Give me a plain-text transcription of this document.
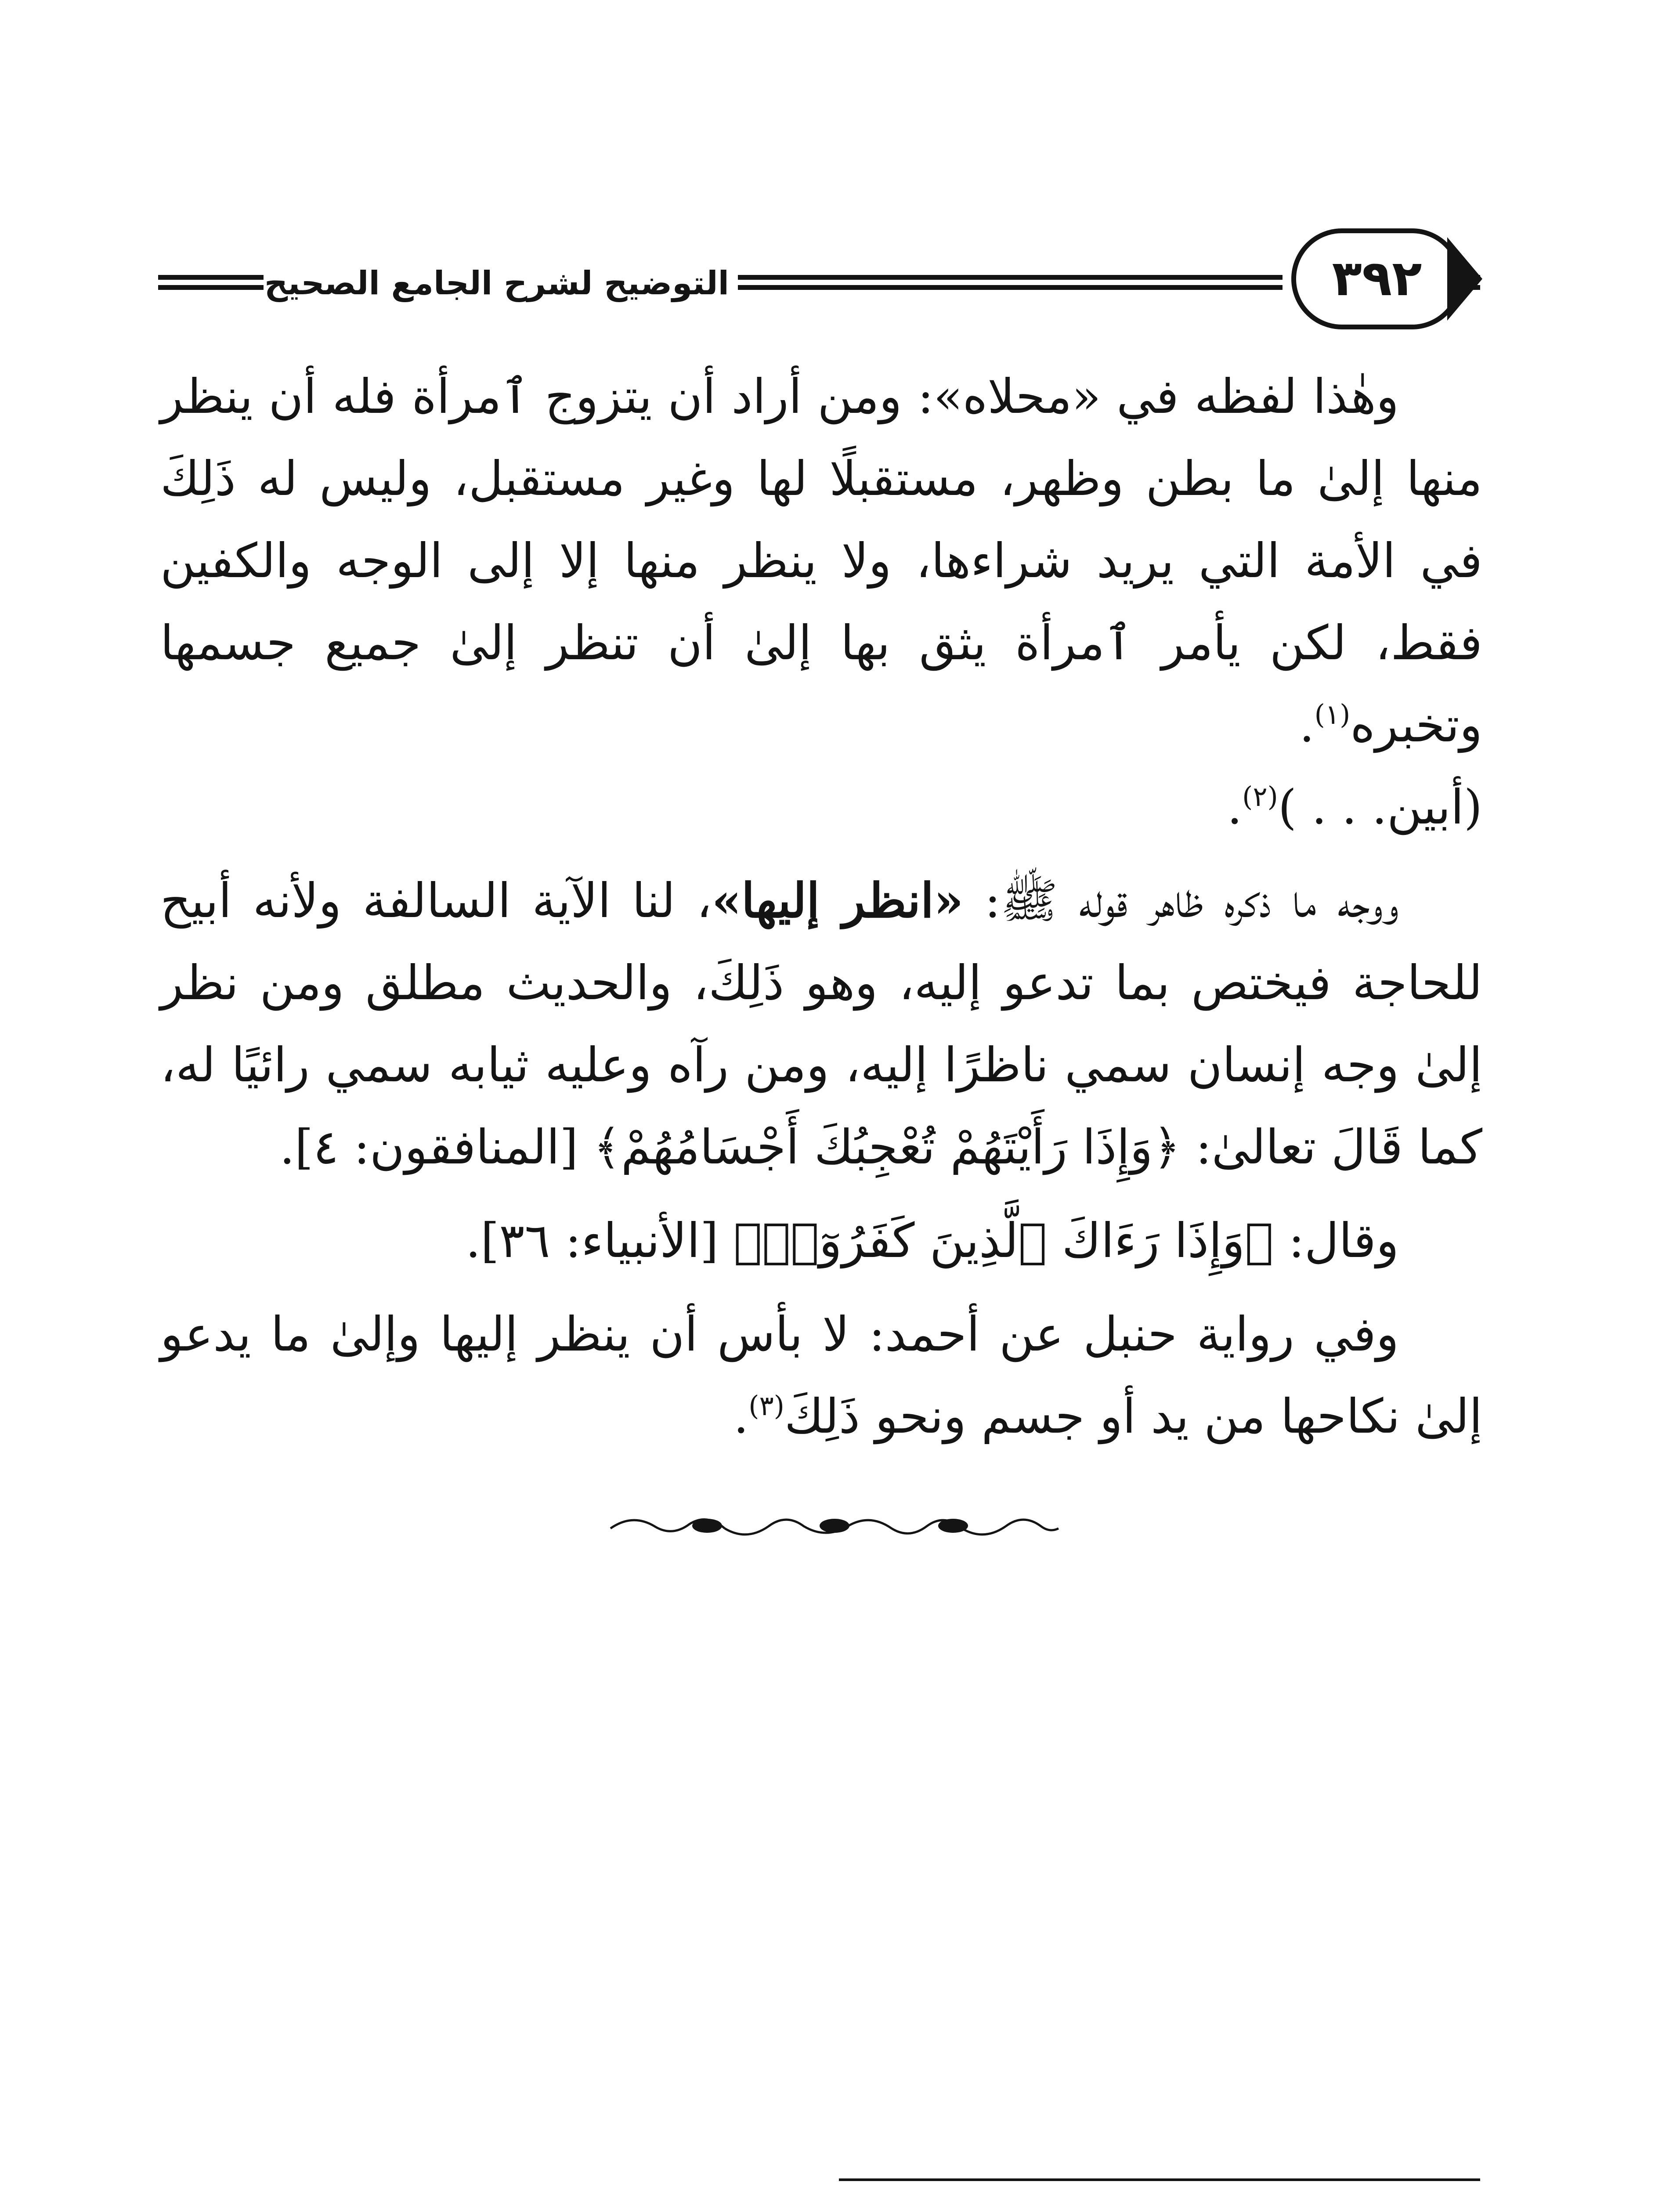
التوضيح لشرح الجامع الصحيح	٣٩٢

وهٰذا لفظه في «محلاه»: ومن أراد أن يتزوج ٱمرأة فله أن ينظر منها إلىٰ ما بطن وظهر، مستقبلًا لها وغير مستقبل، وليس له ذَلِكَ في الأمة التي يريد شراءها، ولا ينظر منها إلا إلى الوجه والكفين فقط، لكن يأمر ٱمرأة يثق بها إلىٰ أن تنظر إلىٰ جميع جسمها وتخبره$^{(١)}$.
(أبين. . . )$^{(٢)}$.

ووجه ما ذكره ظاهر قوله ﷺ: «انظر إليها»، لنا الآية السالفة ولأنه أبيح للحاجة فيختص بما تدعو إليه، وهو ذَلِكَ، والحديث مطلق ومن نظر إلىٰ وجه إنسان سمي ناظرًا إليه، ومن رآه وعليه ثيابه سمي رائيًا له، كما قَالَ تعالىٰ: ﴿وَإِذَا رَأَيْتَهُمْ تُعْجِبُكَ أَجْسَامُهُمْ﴾ [المنافقون: ٤].

وقال: ﴿وَإِذَا رَءَاكَ ٱلَّذِينَ كَفَرُوٓا۟﴾ [الأنبياء: ٣٦].

وفي رواية حنبل عن أحمد: لا بأس أن ينظر إليها وإلىٰ ما يدعو إلىٰ نكاحها من يد أو جسم ونحو ذَلِكَ$^{(٣)}$.
